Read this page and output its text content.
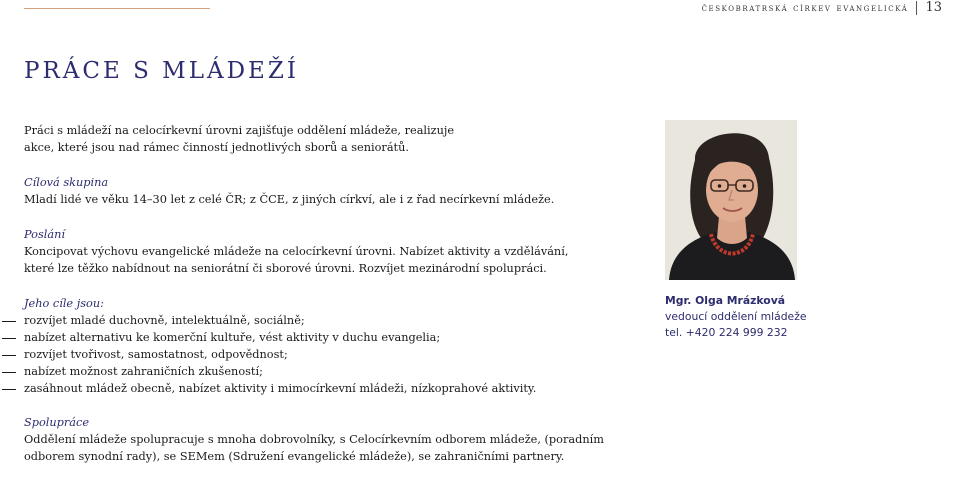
českobratrská církev evangelická 13
PRÁCE S MLÁDEŽÍ

Práci s mládeží na celocírkevní úrovni zajišťuje oddělení mládeže, realizuje

akce, které jsou nad rámec činností jednotlivých sborů a seniorátů.

Cílová skupina

Mladí lidé ve věku 14–30 let z celé ČR; z ČCE, z jiných církví, ale i z řad necírkevní mládeže.

Poslání

Koncipovat výchovu evangelické mládeže na celocírkevní úrovni. Nabízet aktivity a vzdělávání,

které lze těžko nabídnout na seniorátní či sborové úrovni. Rozvíjet mezinárodní spolupráci.

Jeho cíle jsou:

rozvíjet mladé duchovně, intelektuálně, sociálně;
nabízet alternativu ke komerční kultuře, vést aktivity v duchu evangelia;
rozvíjet tvořivost, samostatnost, odpovědnost;
nabízet možnost zahraničních zkušeností;
zasáhnout mládež obecně, nabízet aktivity i mimocírkevní mládeži, nízkoprahové aktivity.

Spolupráce

Oddělení mládeže spolupracuje s mnoha dobrovolníky, s Celocírkevním odborem mládeže, (poradním

odborem synodní rady), se SEMem (Sdružení evangelické mládeže), se zahraničními partnery.

Mgr. Olga Mrázková
vedoucí oddělení mládeže
tel. +420 224 999 232
